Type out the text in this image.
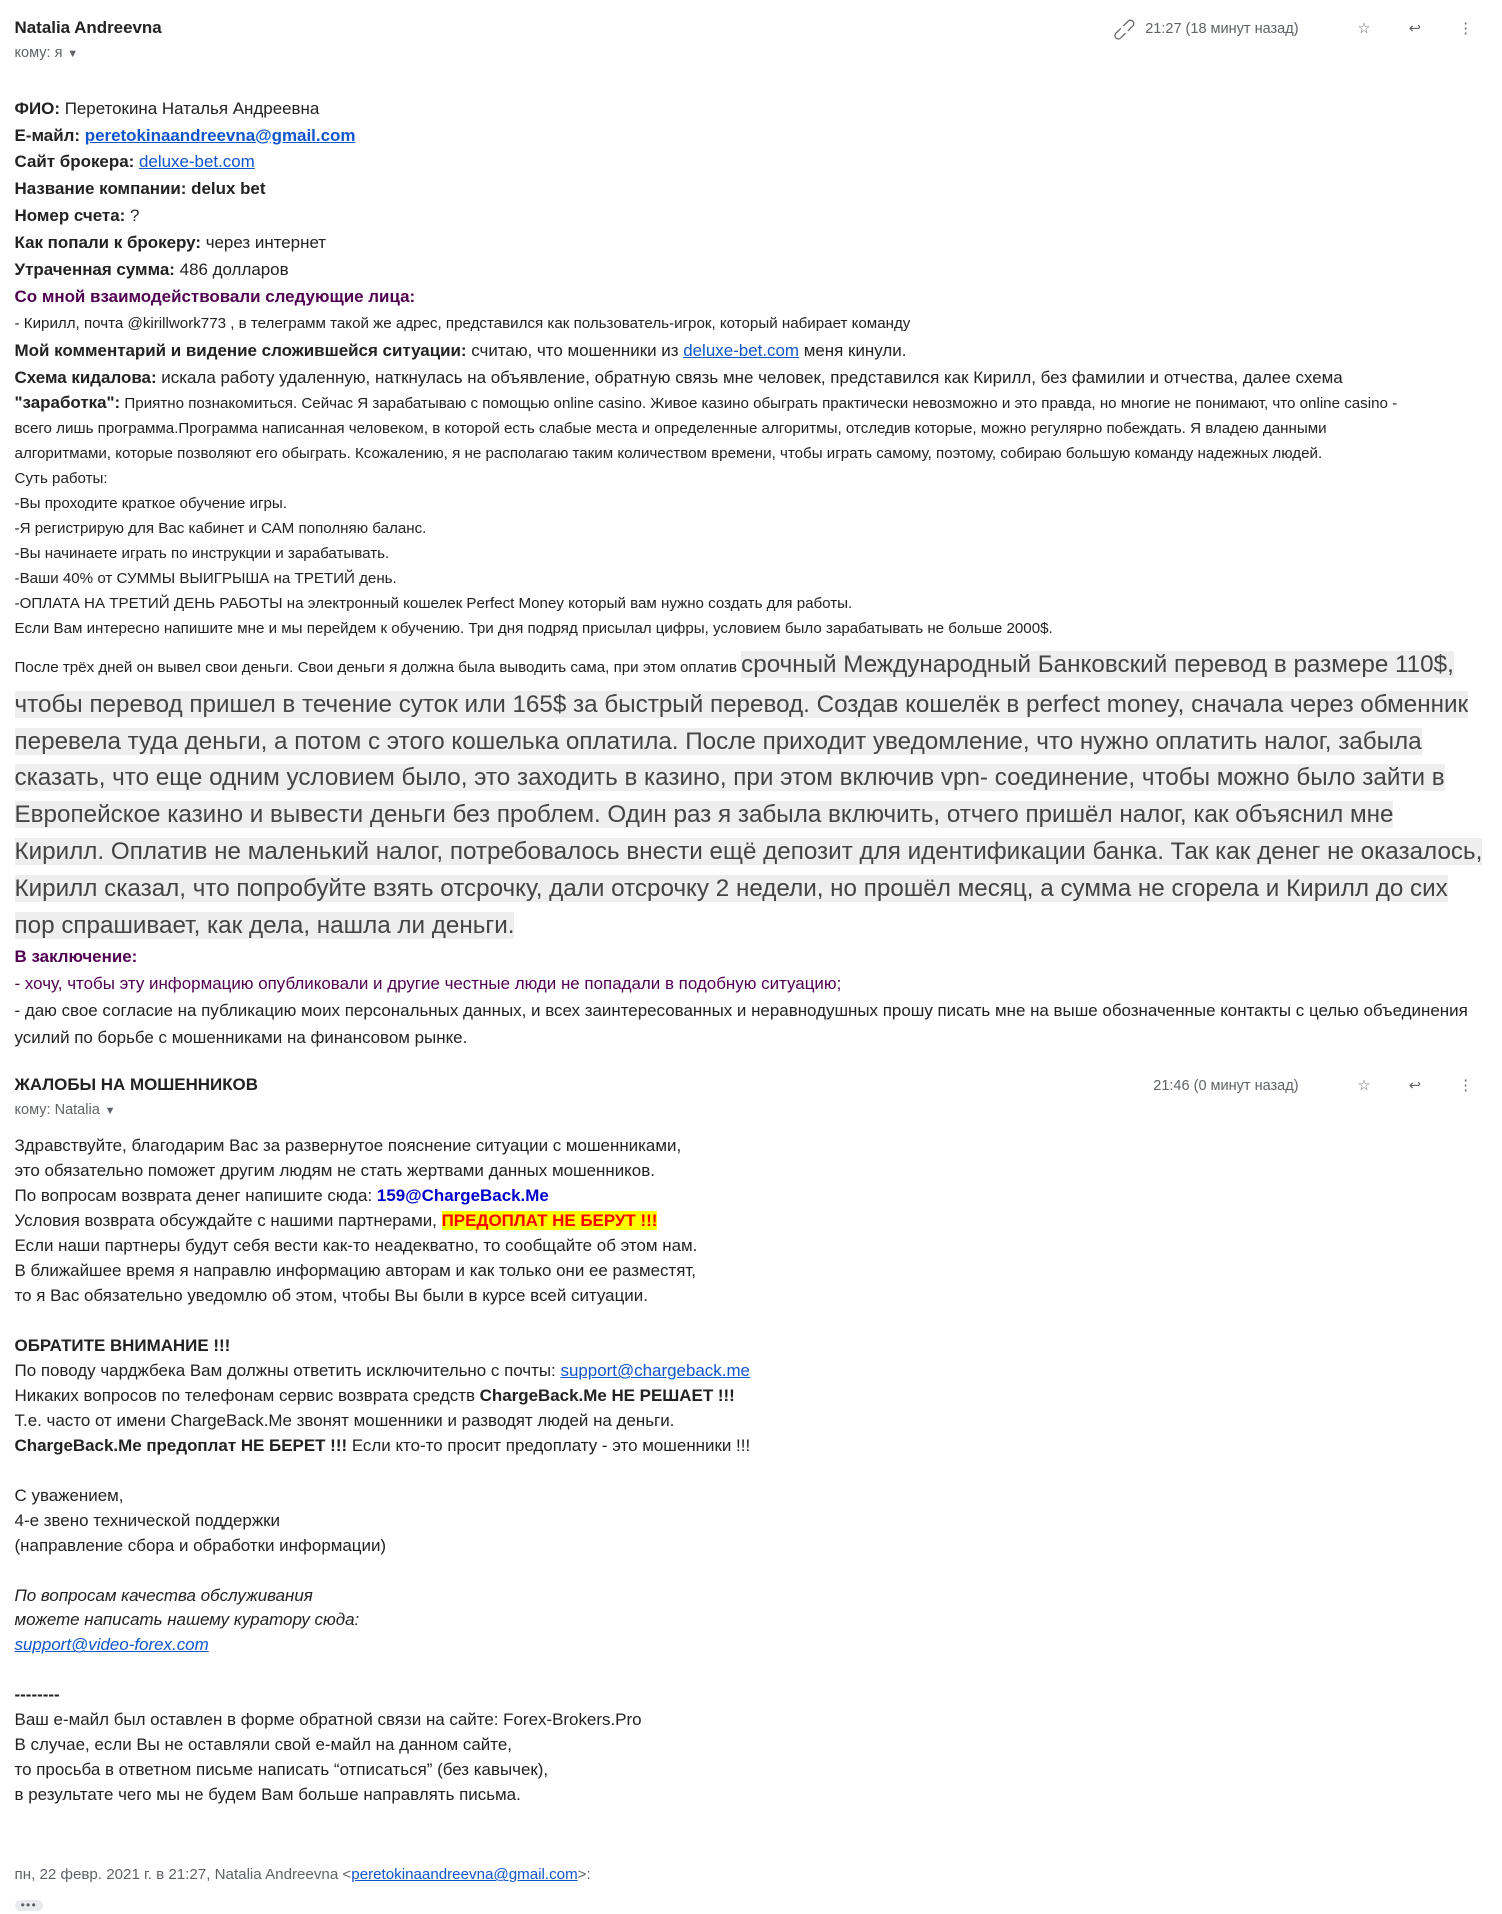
Natalia Andreevna
кому: я ▼
⊂⊃ 21:27 (18 минут назад)	☆	↩	⋮
ФИО: Перетокина Наталья Андреевна
Е-майл: peretokinaandreevna@gmail.com
Сайт брокера: deluxe-bet.com
Название компании: delux bet
Номер счета: ?
Как попали к брокеру: через интернет
Утраченная сумма: 486 долларов
Со мной взаимодействовали следующие лица:
- Кирилл, почта @kirillwork773 , в телеграмм такой же адрес, представился как пользователь-игрок, который набирает команду
Мой комментарий и видение сложившейся ситуации: считаю, что мошенники из deluxe-bet.com меня кинули.
Схема кидалова: искала работу удаленную, наткнулась на объявление, обратную связь мне человек, представился как Кирилл, без фамилии и отчества, далее схема
"заработка": Приятно познакомиться. Сейчас Я зарабатываю с помощью online casino. Живое казино обыграть практически невозможно и это правда, но многие не понимают, что online casino -
всего лишь программа.Программа написанная человеком, в которой есть слабые места и определенные алгоритмы, отследив которые, можно регулярно побеждать. Я владею данными
алгоритмами, которые позволяют его обыграть. Ксожалению, я не располагаю таким количеством времени, чтобы играть самому, поэтому, собираю большую команду надежных людей.
Суть работы:
-Вы проходите краткое обучение игры.
-Я регистрирую для Вас кабинет и САМ пополняю баланс.
-Вы начинаете играть по инструкции и зарабатывать.
-Ваши 40% от СУММЫ ВЫИГРЫША на ТРЕТИЙ день.
-ОПЛАТА НА ТРЕТИЙ ДЕНЬ РАБОТЫ на электронный кошелек Perfect Money который вам нужно создать для работы.
Если Вам интересно напишите мне и мы перейдем к обучению. Три дня подряд присылал цифры, условием было зарабатывать не больше 2000$.
После трёх дней он вывел свои деньги. Свои деньги я должна была выводить сама, при этом оплатив срочный Международный Банковский перевод в размере 110$, чтобы перевод пришел в течение суток или 165$ за быстрый перевод. Создав кошелёк в perfect money, сначала через обменник перевела туда деньги, а потом с этого кошелька оплатила. После приходит уведомление, что нужно оплатить налог, забыла сказать, что еще одним условием было, это заходить в казино, при этом включив vpn- соединение, чтобы можно было зайти в Европейское казино и вывести деньги без проблем. Один раз я забыла включить, отчего пришёл налог, как объяснил мне Кирилл. Оплатив не маленький налог, потребовалось внести ещё депозит для идентификации банка. Так как денег не оказалось, Кирилл сказал, что попробуйте взять отсрочку, дали отсрочку 2 недели, но прошёл месяц, а сумма не сгорела и Кирилл до сих пор спрашивает, как дела, нашла ли деньги.
В заключение:
- хочу, чтобы эту информацию опубликовали и другие честные люди не попадали в подобную ситуацию;
- даю свое согласие на публикацию моих персональных данных, и всех заинтересованных и неравнодушных прошу писать мне на выше обозначенные контакты с целью объединения усилий по борьбе с мошенниками на финансовом рынке.
ЖАЛОБЫ НА МОШЕННИКОВ
кому: Natalia ▼
21:46 (0 минут назад)	☆	↩	⋮
Здравствуйте, благодарим Вас за развернутое пояснение ситуации с мошенниками,
это обязательно поможет другим людям не стать жертвами данных мошенников.
По вопросам возврата денег напишите сюда: 159@ChargeBack.Me
Условия возврата обсуждайте с нашими партнерами, ПРЕДОПЛАТ НЕ БЕРУТ !!!
Если наши партнеры будут себя вести как-то неадекватно, то сообщайте об этом нам.
В ближайшее время я направлю информацию авторам и как только они ее разместят,
то я Вас обязательно уведомлю об этом, чтобы Вы были в курсе всей ситуации.
ОБРАТИТЕ ВНИМАНИЕ !!!
По поводу чарджбека Вам должны ответить исключительно с почты: support@chargeback.me
Никаких вопросов по телефонам сервис возврата средств ChargeBack.Me НЕ РЕШАЕТ !!!
Т.е. часто от имени ChargeBack.Me звонят мошенники и разводят людей на деньги.
ChargeBack.Me предоплат НЕ БЕРЕТ !!! Если кто-то просит предоплату - это мошенники !!!
С уважением,
4-е звено технической поддержки
(направление сбора и обработки информации)
По вопросам качества обслуживания
можете написать нашему куратору сюда:
support@video-forex.com
--------
Ваш е-майл был оставлен в форме обратной связи на сайте: Forex-Brokers.Pro
В случае, если Вы не оставляли свой е-майл на данном сайте,
то просьба в ответном письме написать “отписаться” (без кавычек),
в результате чего мы не будем Вам больше направлять письма.
пн, 22 февр. 2021 г. в 21:27, Natalia Andreevna <peretokinaandreevna@gmail.com>:
•••
